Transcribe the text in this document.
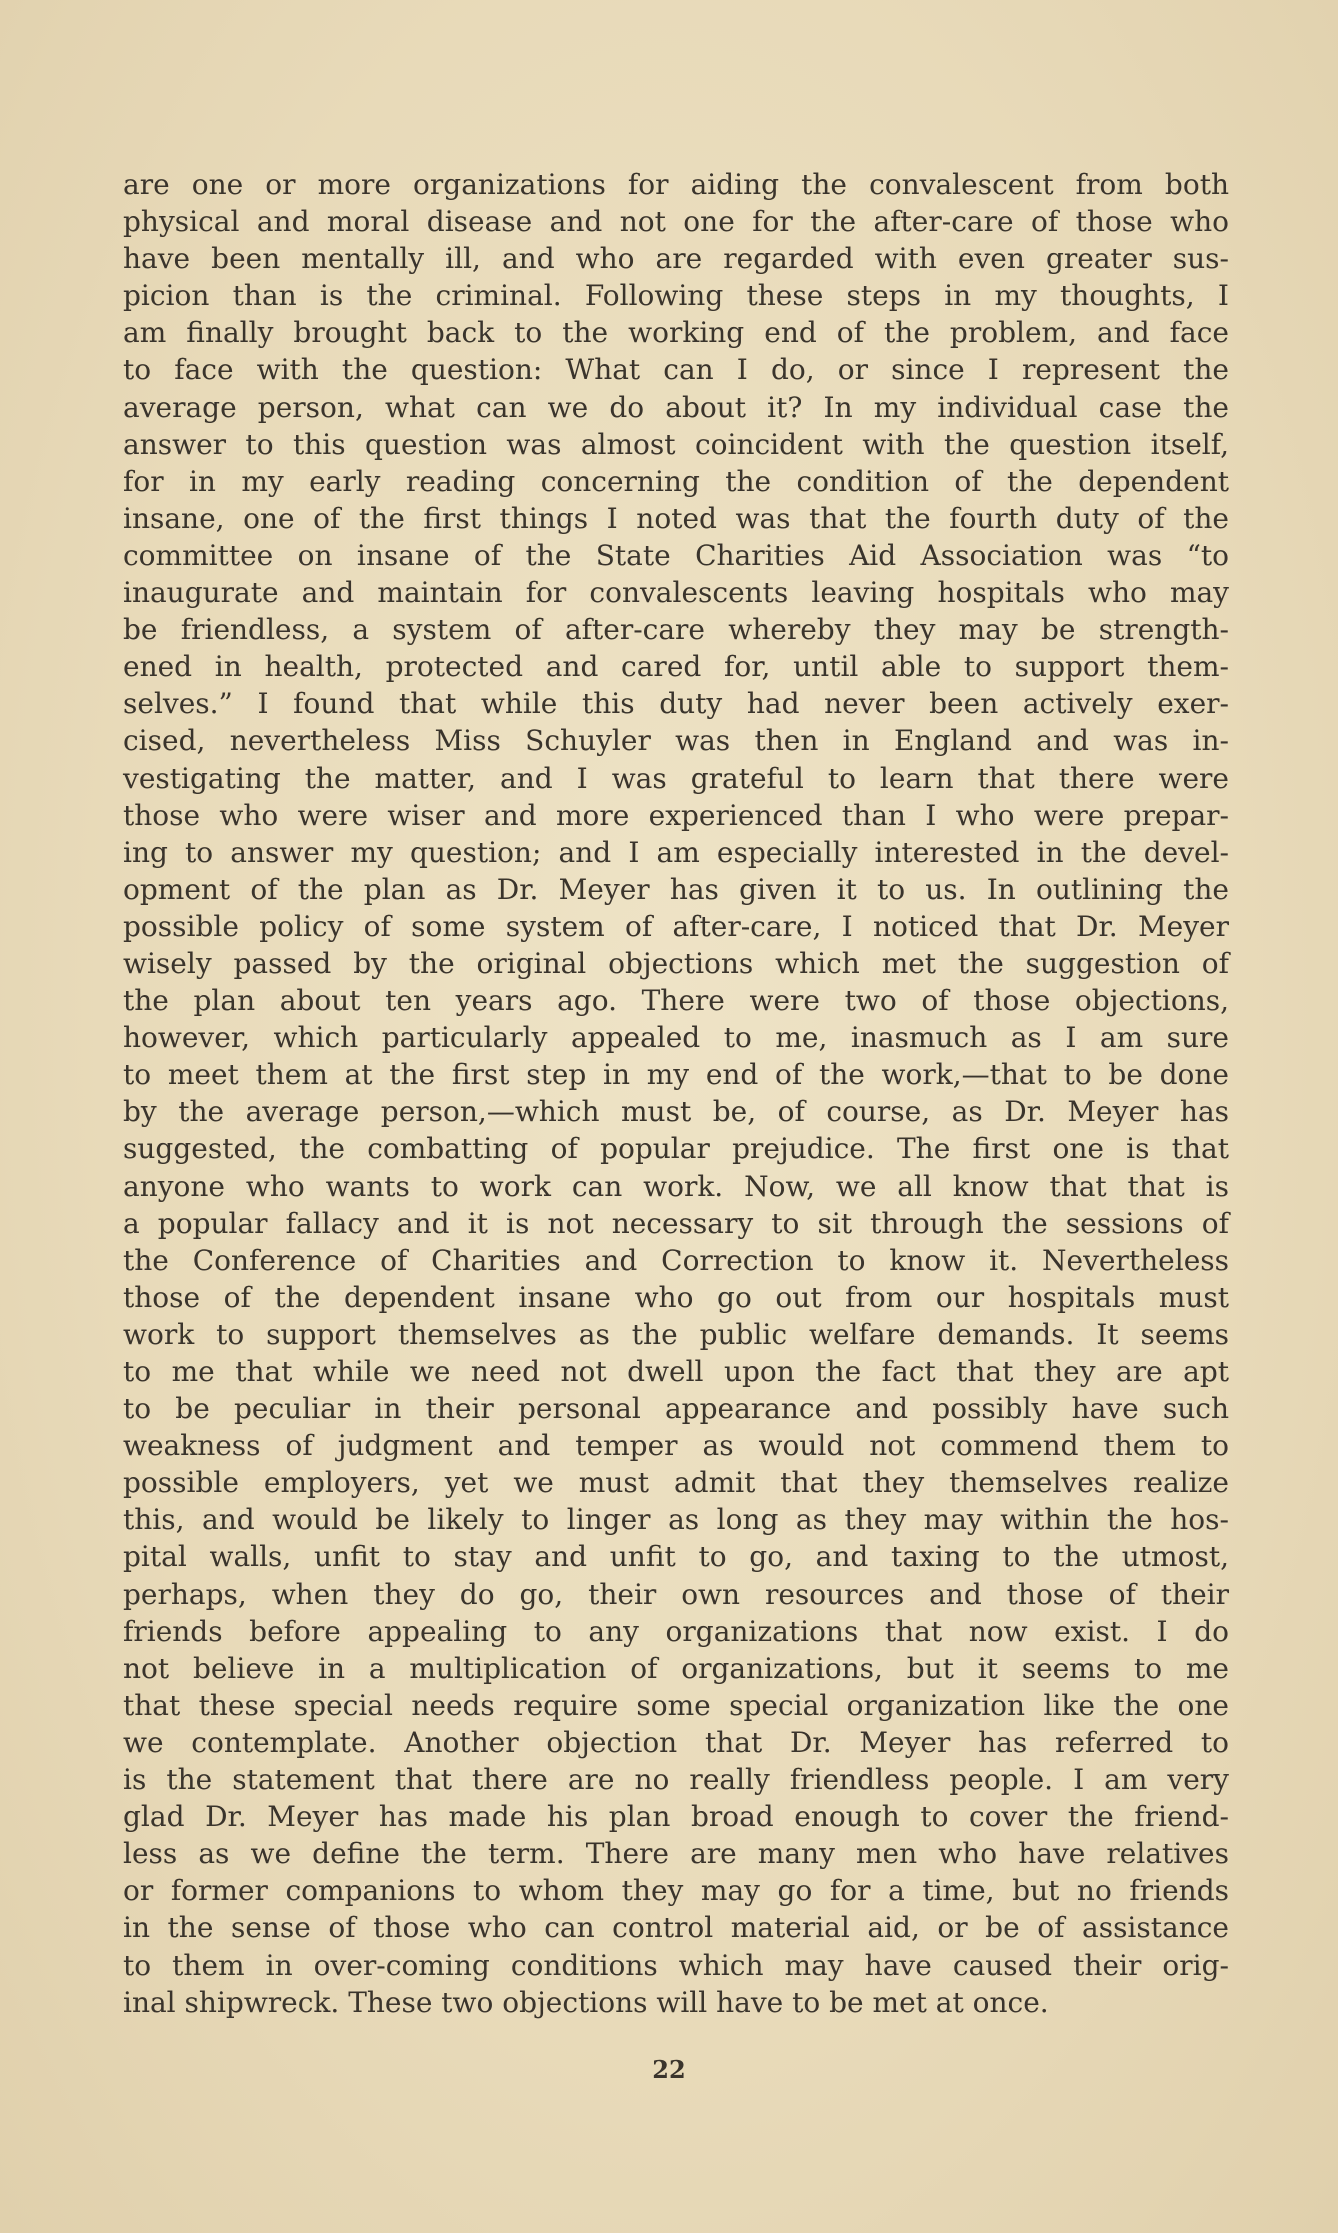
are one or more organizations for aiding the convalescent from both
physical and moral disease and not one for the after-care of those who
have been mentally ill, and who are regarded with even greater sus-
picion than is the criminal. Following these steps in my thoughts, I
am finally brought back to the working end of the problem, and face
to face with the question: What can I do, or since I represent the
average person, what can we do about it? In my individual case the
answer to this question was almost coincident with the question itself,
for in my early reading concerning the condition of the dependent
insane, one of the first things I noted was that the fourth duty of the
committee on insane of the State Charities Aid Association was “to
inaugurate and maintain for convalescents leaving hospitals who may
be friendless, a system of after-care whereby they may be strength-
ened in health, protected and cared for, until able to support them-
selves.” I found that while this duty had never been actively exer-
cised, nevertheless Miss Schuyler was then in England and was in-
vestigating the matter, and I was grateful to learn that there were
those who were wiser and more experienced than I who were prepar-
ing to answer my question; and I am especially interested in the devel-
opment of the plan as Dr. Meyer has given it to us. In outlining the
possible policy of some system of after-care, I noticed that Dr. Meyer
wisely passed by the original objections which met the suggestion of
the plan about ten years ago. There were two of those objections,
however, which particularly appealed to me, inasmuch as I am sure
to meet them at the first step in my end of the work,—that to be done
by the average person,—which must be, of course, as Dr. Meyer has
suggested, the combatting of popular prejudice. The first one is that
anyone who wants to work can work. Now, we all know that that is
a popular fallacy and it is not necessary to sit through the sessions of
the Conference of Charities and Correction to know it. Nevertheless
those of the dependent insane who go out from our hospitals must
work to support themselves as the public welfare demands. It seems
to me that while we need not dwell upon the fact that they are apt
to be peculiar in their personal appearance and possibly have such
weakness of judgment and temper as would not commend them to
possible employers, yet we must admit that they themselves realize
this, and would be likely to linger as long as they may within the hos-
pital walls, unfit to stay and unfit to go, and taxing to the utmost,
perhaps, when they do go, their own resources and those of their
friends before appealing to any organizations that now exist. I do
not believe in a multiplication of organizations, but it seems to me
that these special needs require some special organization like the one
we contemplate. Another objection that Dr. Meyer has referred to
is the statement that there are no really friendless people. I am very
glad Dr. Meyer has made his plan broad enough to cover the friend-
less as we define the term. There are many men who have relatives
or former companions to whom they may go for a time, but no friends
in the sense of those who can control material aid, or be of assistance
to them in over-coming conditions which may have caused their orig-
inal shipwreck. These two objections will have to be met at once.
22
